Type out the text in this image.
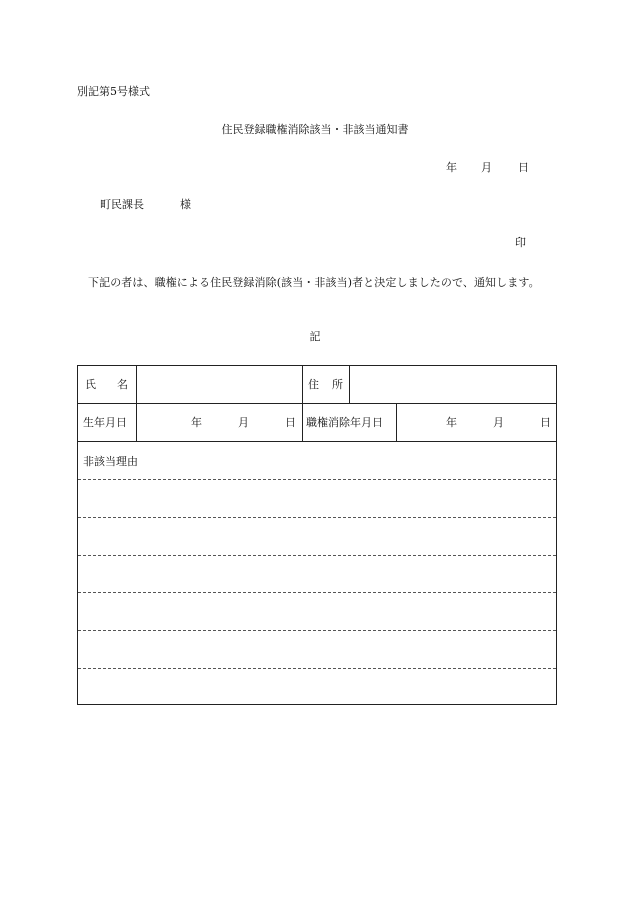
別記第5号様式
住民登録職権消除該当・非該当通知書
年 月 日
町民課長	様
印
下記の者は、職権による住民登録消除(該当・非該当)者と決定しましたので、通知します。
記
氏 名	住 所
生年月日	年	月	日 職権消除年月日	年	月	日
非該当理由
